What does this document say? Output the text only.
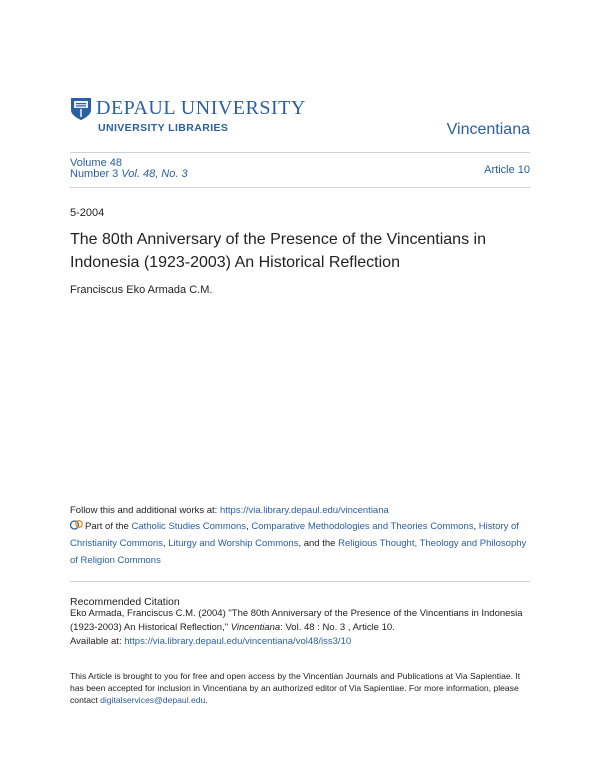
DEPAUL UNIVERSITY
UNIVERSITY LIBRARIES	Vincentiana
Volume 48
Number 3 Vol. 48, No. 3	Article 10
5-2004
The 80th Anniversary of the Presence of the Vincentians in Indonesia (1923-2003) An Historical Reflection
Franciscus Eko Armada C.M.
Follow this and additional works at: https://via.library.depaul.edu/vincentiana
Part of the Catholic Studies Commons, Comparative Methodologies and Theories Commons, History of Christianity Commons, Liturgy and Worship Commons, and the Religious Thought, Theology and Philosophy of Religion Commons
Recommended Citation
Eko Armada, Franciscus C.M. (2004) "The 80th Anniversary of the Presence of the Vincentians in Indonesia (1923-2003) An Historical Reflection," Vincentiana: Vol. 48 : No. 3 , Article 10.
Available at: https://via.library.depaul.edu/vincentiana/vol48/iss3/10
This Article is brought to you for free and open access by the Vincentian Journals and Publications at Via Sapientiae. It has been accepted for inclusion in Vincentiana by an authorized editor of Via Sapientiae. For more information, please contact digitalservices@depaul.edu.
